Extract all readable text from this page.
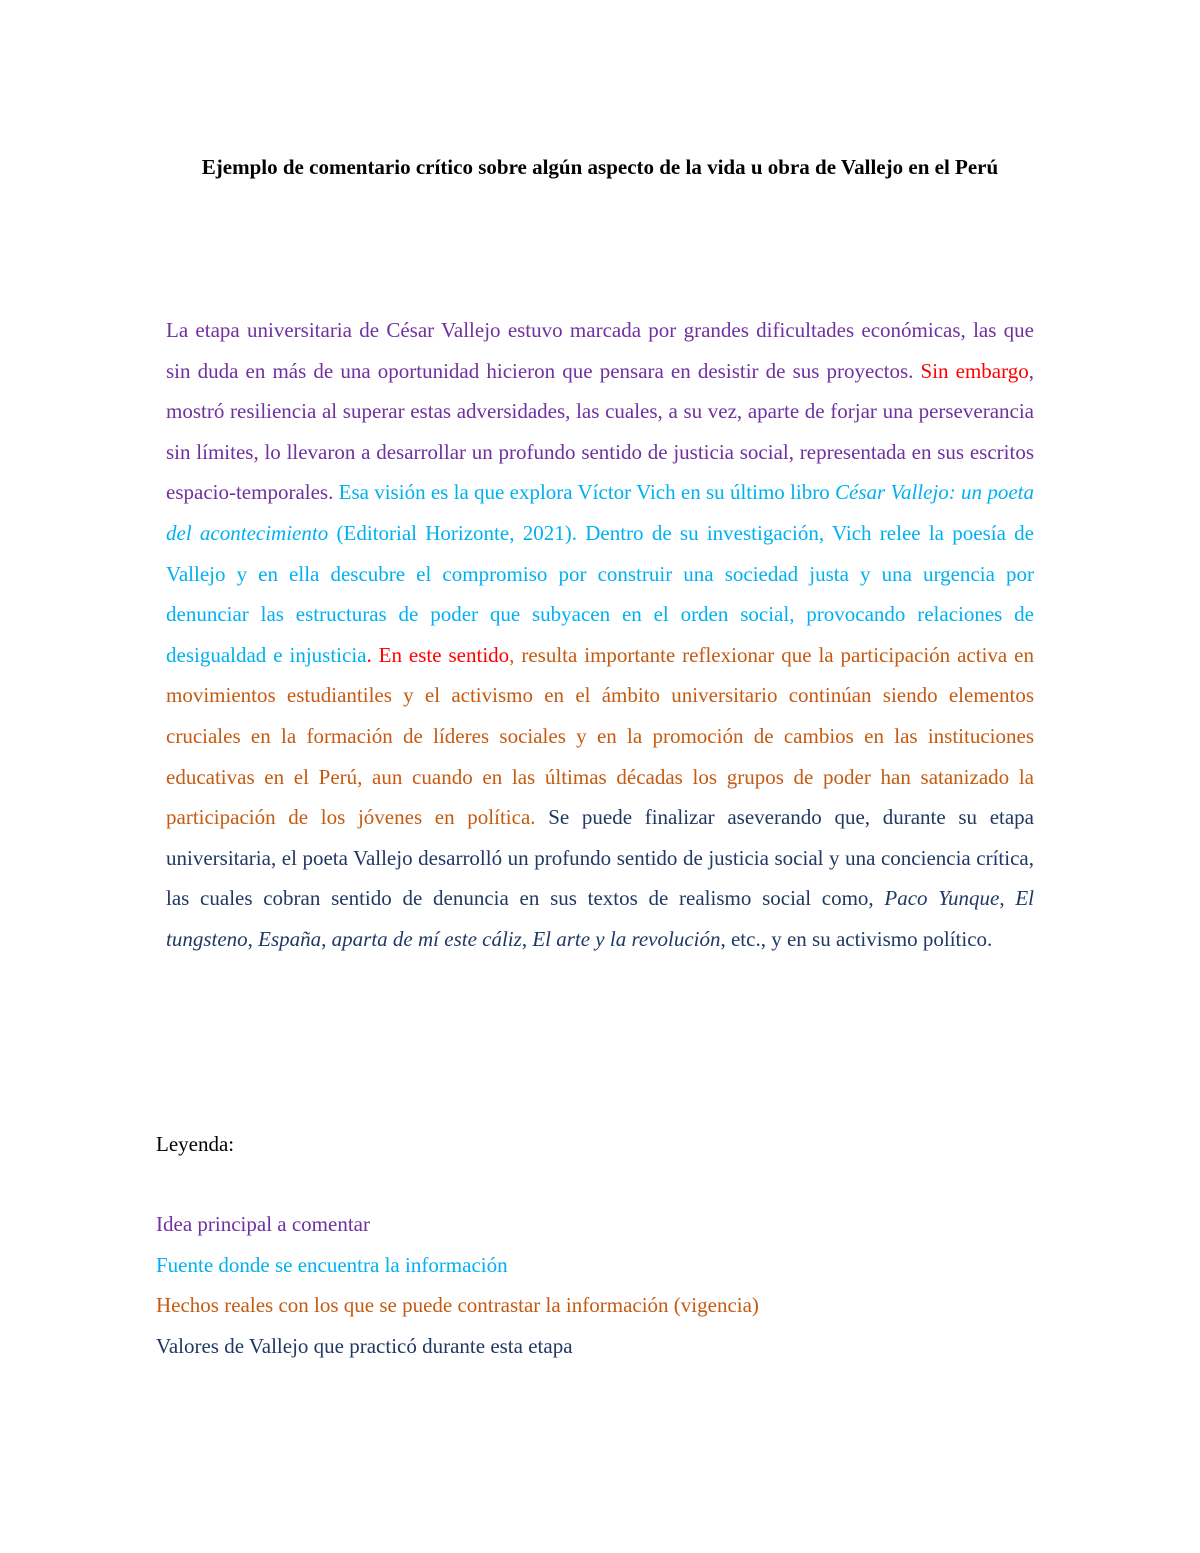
Ejemplo de comentario crítico sobre algún aspecto de la vida u obra de Vallejo en el Perú

La etapa universitaria de César Vallejo estuvo marcada por grandes dificultades económicas, las que sin duda en más de una oportunidad hicieron que pensara en desistir de sus proyectos. Sin embargo, mostró resiliencia al superar estas adversidades, las cuales, a su vez, aparte de forjar una perseverancia sin límites, lo llevaron a desarrollar un profundo sentido de justicia social, representada en sus escritos espacio-temporales. Esa visión es la que explora Víctor Vich en su último libro César Vallejo: un poeta del acontecimiento (Editorial Horizonte, 2021). Dentro de su investigación, Vich relee la poesía de Vallejo y en ella descubre el compromiso por construir una sociedad justa y una urgencia por denunciar las estructuras de poder que subyacen en el orden social, provocando relaciones de desigualdad e injusticia. En este sentido, resulta importante reflexionar que la participación activa en movimientos estudiantiles y el activismo en el ámbito universitario continúan siendo elementos cruciales en la formación de líderes sociales y en la promoción de cambios en las instituciones educativas en el Perú, aun cuando en las últimas décadas los grupos de poder han satanizado la participación de los jóvenes en política. Se puede finalizar aseverando que, durante su etapa universitaria, el poeta Vallejo desarrolló un profundo sentido de justicia social y una conciencia crítica, las cuales cobran sentido de denuncia en sus textos de realismo social como, Paco Yunque, El tungsteno, España, aparta de mí este cáliz, El arte y la revolución, etc., y en su activismo político.

Leyenda:
Idea principal a comentar
Fuente donde se encuentra la información
Hechos reales con los que se puede contrastar la información (vigencia)
Valores de Vallejo que practicó durante esta etapa
